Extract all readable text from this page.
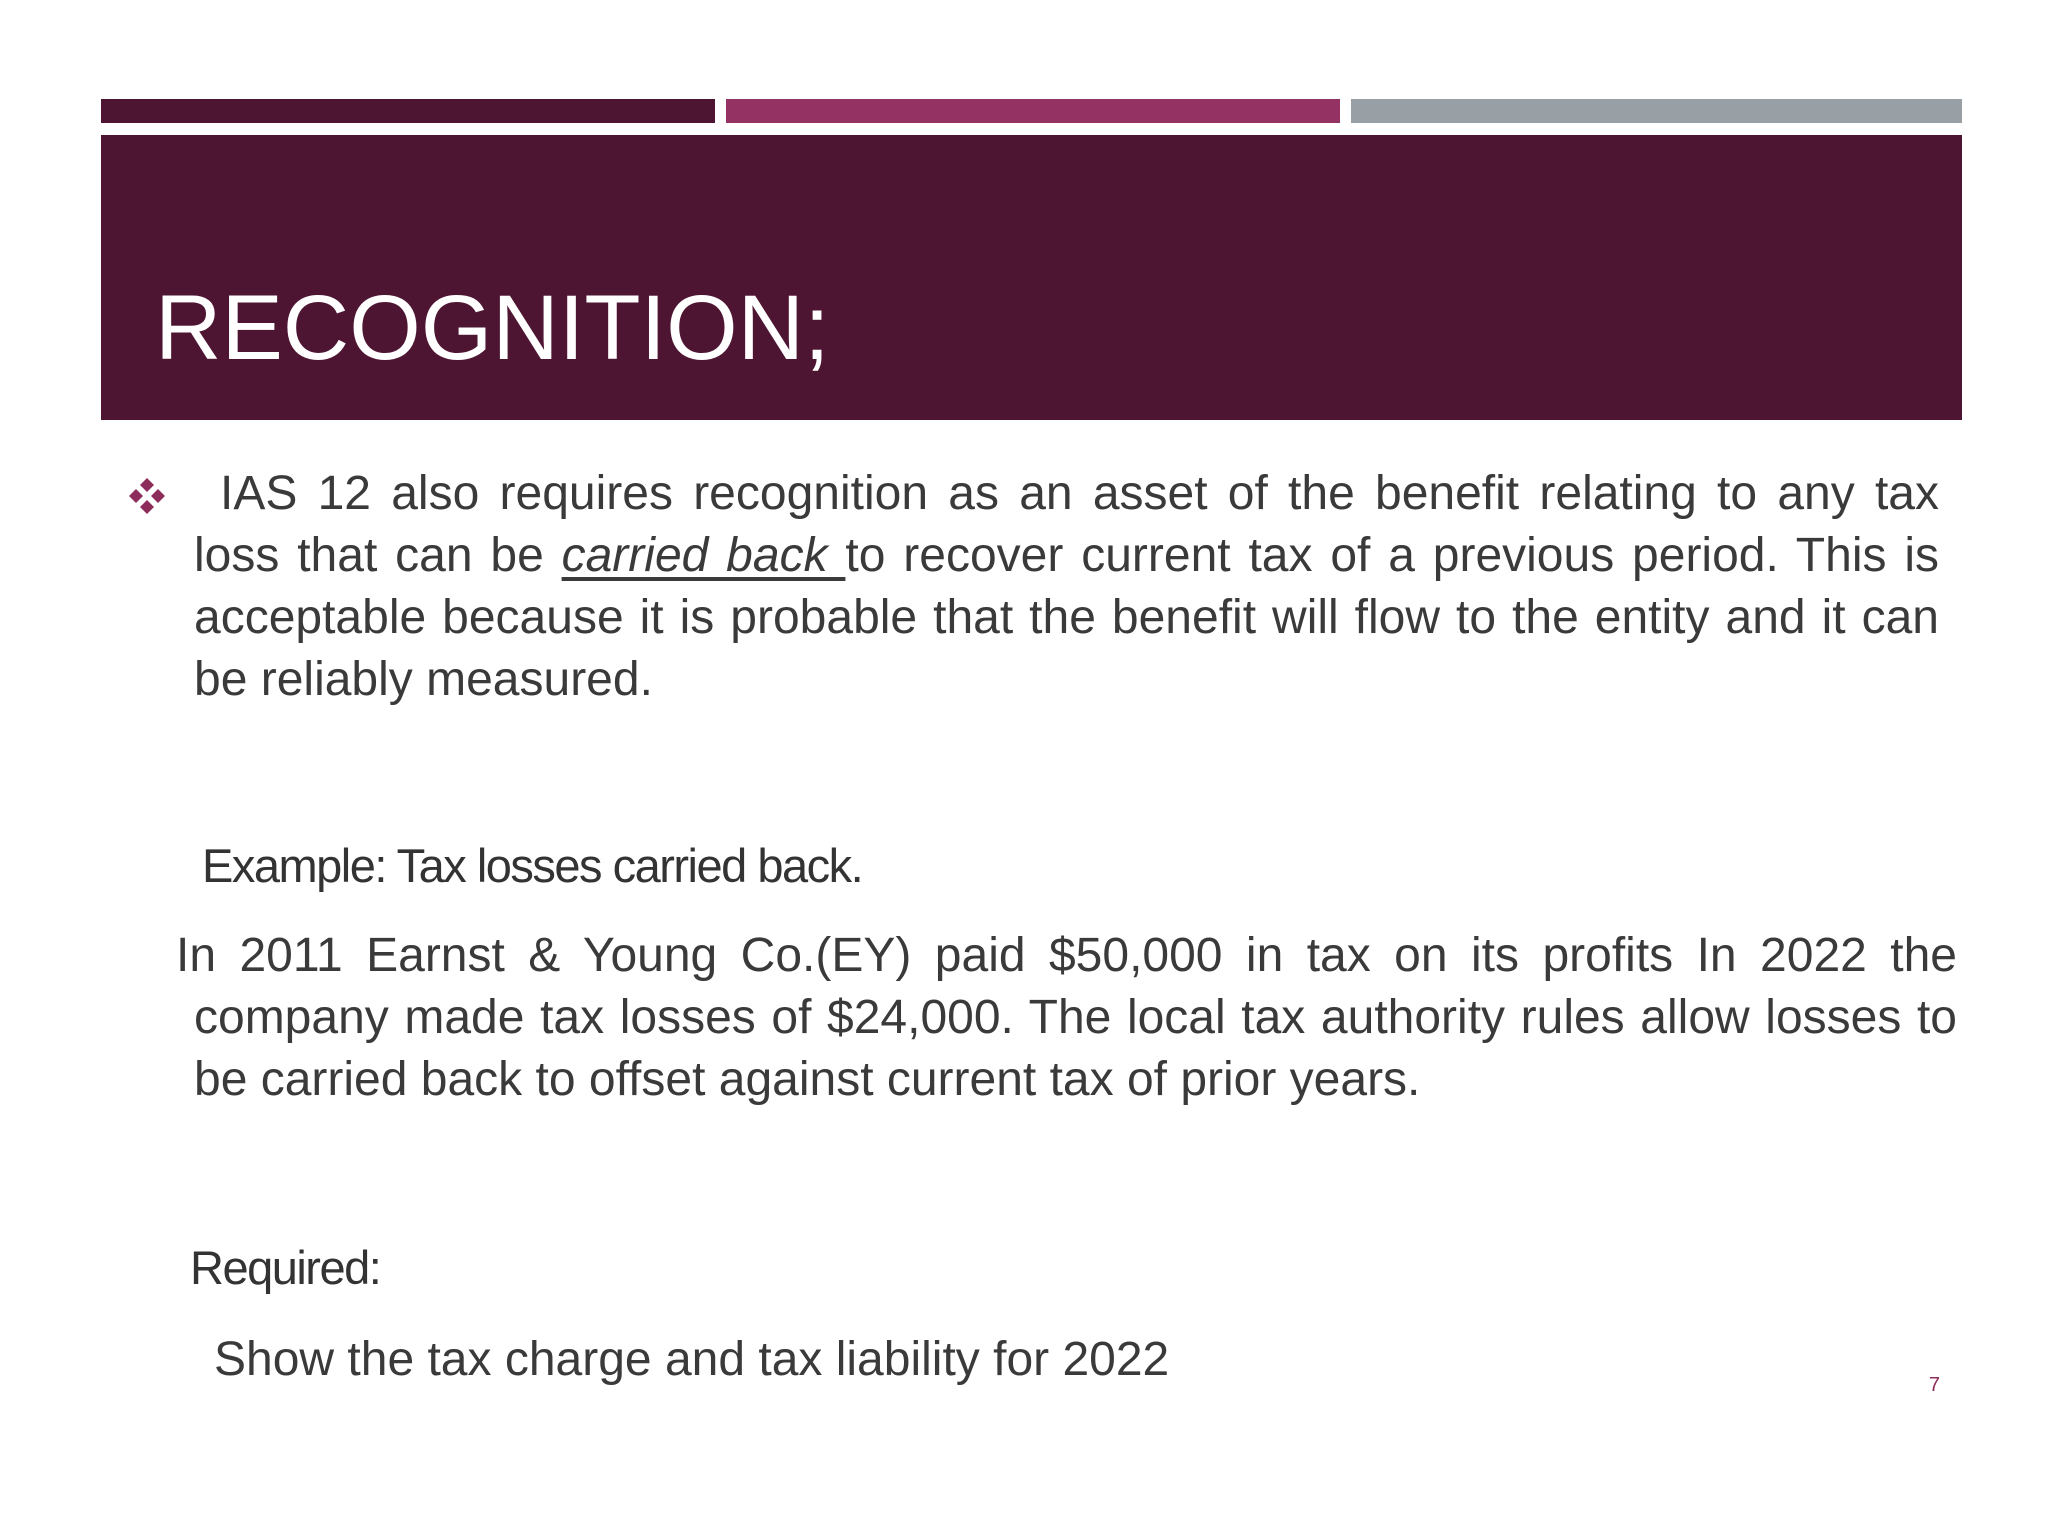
RECOGNITION;
IAS 12 also requires recognition as an asset of the benefit relating to any tax loss that can be carried back to recover current tax of a previous period. This is acceptable because it is probable that the benefit will flow to the entity and it can be reliably measured.
Example: Tax losses carried back.
In 2011 Earnst & Young Co.(EY) paid $50,000 in tax on its profits In 2022 the company made tax losses of $24,000. The local tax authority rules allow losses to be carried back to offset against current tax of prior years.
Required:
Show the tax charge and tax liability for 2022	7
